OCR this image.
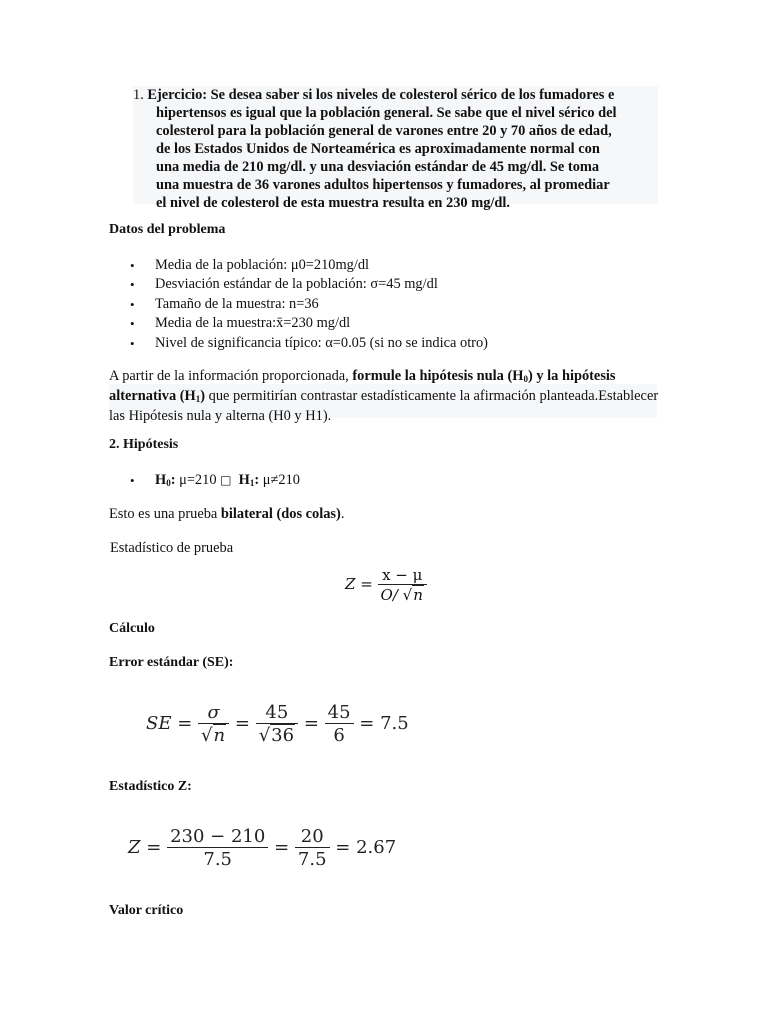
1. Ejercicio: Se desea saber si los niveles de colesterol sérico de los fumadores e
hipertensos es igual que la población general. Se sabe que el nivel sérico del
colesterol para la población general de varones entre 20 y 70 años de edad,
de los Estados Unidos de Norteamérica es aproximadamente normal con
una media de 210 mg/dl. y una desviación estándar de 45 mg/dl. Se toma
una muestra de 36 varones adultos hipertensos y fumadores, al promediar
el nivel de colesterol de esta muestra resulta en 230 mg/dl.
Datos del problema
• Media de la población: μ0=210mg/dl
• Desviación estándar de la población: σ=45 mg/dl
• Tamaño de la muestra: n=36
• Media de la muestra:x̄=230 mg/dl
• Nivel de significancia típico: α=0.05 (si no se indica otro)
A partir de la información proporcionada, formule la hipótesis nula $(H_0)$ y la hipótesis alternativa $(H_1)$ que permitirían contrastar estadísticamente la afirmación planteada.Establecer las Hipótesis nula y alterna (H0 y H1).
2. Hipótesis
• $H_0$: μ=210 □ $H_1$: μ≠210
Esto es una prueba bilateral (dos colas).
Estadístico de prueba
$Z = \frac{x - \mu}{O/ √n}$
Cálculo
Error estándar (SE):
SE = $\frac{\sigma}{√n} = \frac{45}{√36} = \frac{45}{6} = 7.5$
Estadístico Z:
$Z = \frac{230 - 210}{7.5} = \frac{20}{7.5} = 2.67$
Valor crítico
